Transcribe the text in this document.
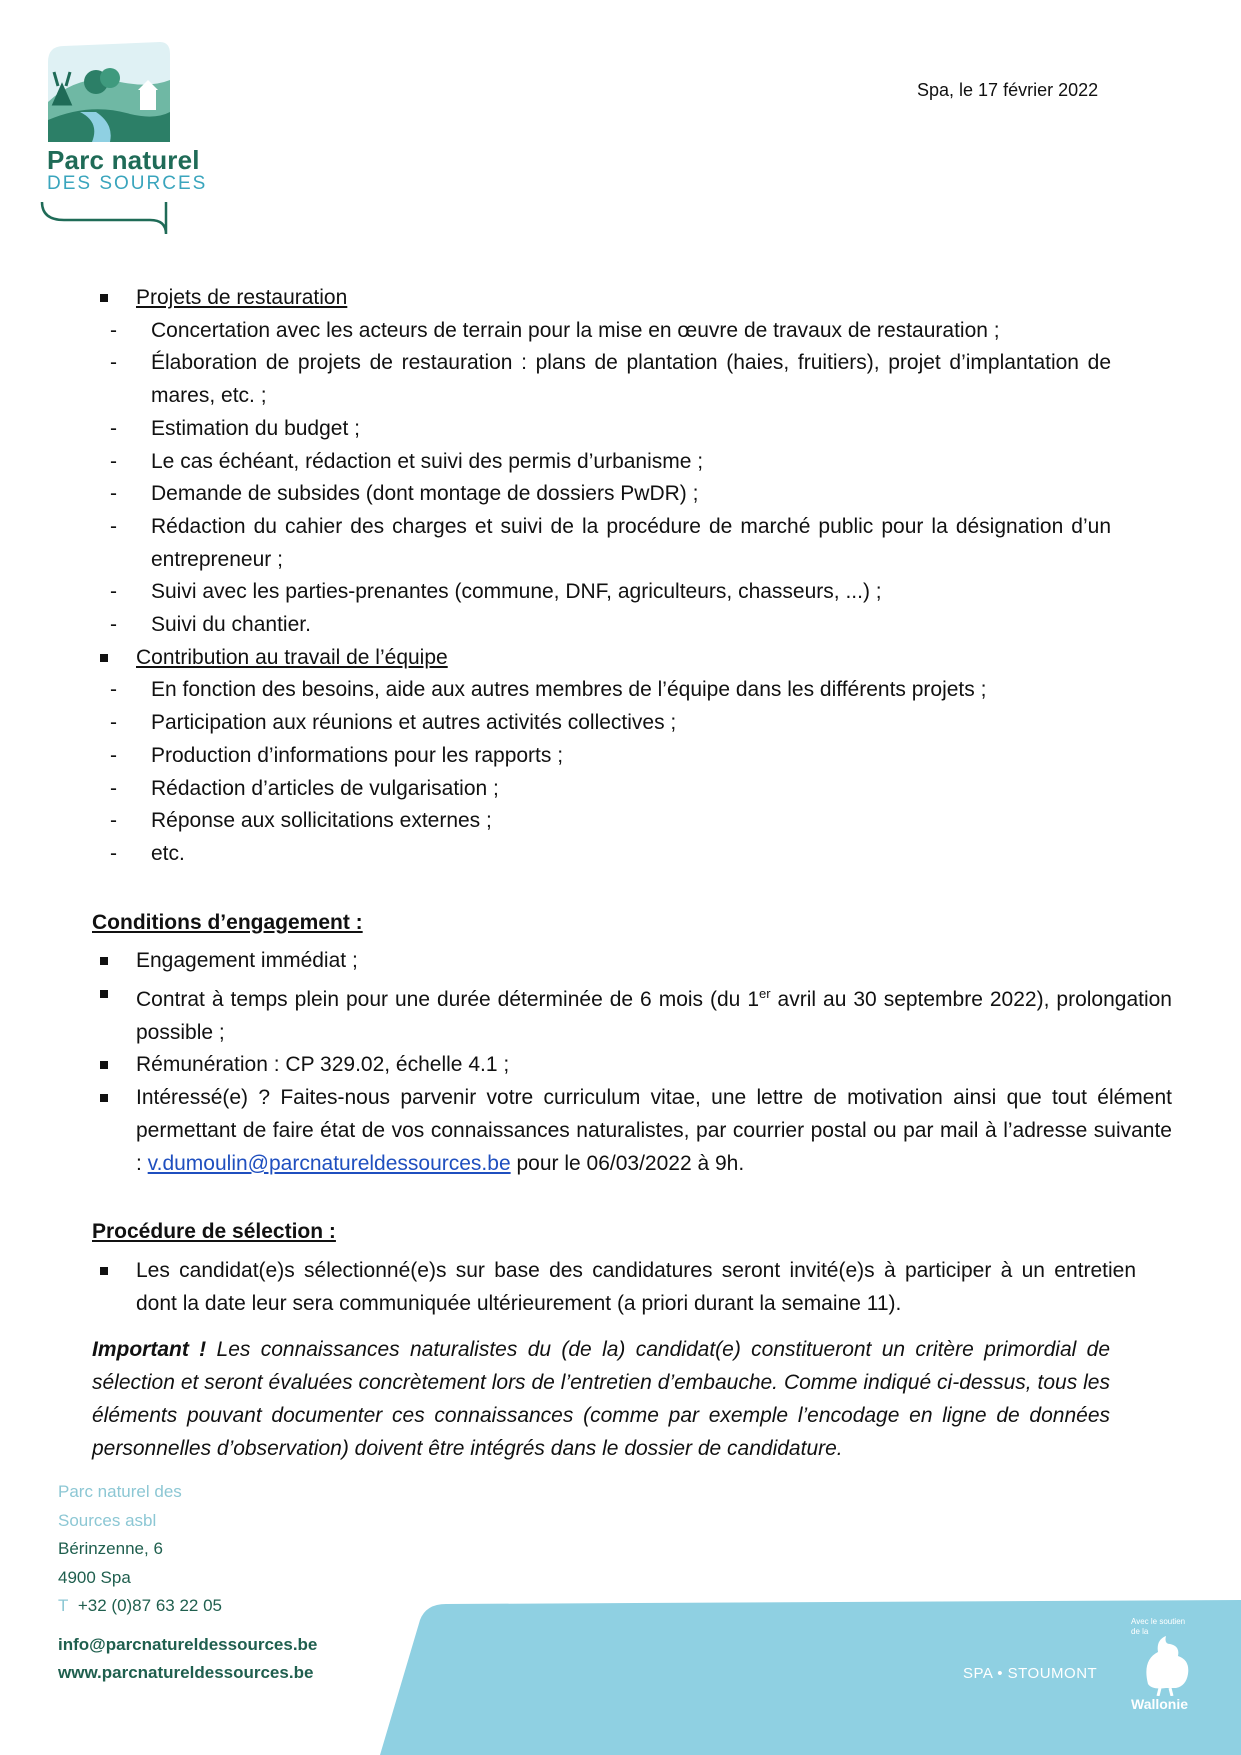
Parc naturel
DES SOURCES
Spa, le 17 février 2022
Projets de restauration
- Concertation avec les acteurs de terrain pour la mise en œuvre de travaux de restauration ;
- Élaboration de projets de restauration : plans de plantation (haies, fruitiers), projet d’implantation de mares, etc. ;
- Estimation du budget ;
- Le cas échéant, rédaction et suivi des permis d’urbanisme ;
- Demande de subsides (dont montage de dossiers PwDR) ;
- Rédaction du cahier des charges et suivi de la procédure de marché public pour la désignation d’un entrepreneur ;
- Suivi avec les parties-prenantes (commune, DNF, agriculteurs, chasseurs, ...) ;
- Suivi du chantier.
Contribution au travail de l’équipe
- En fonction des besoins, aide aux autres membres de l’équipe dans les différents projets ;
- Participation aux réunions et autres activités collectives ;
- Production d’informations pour les rapports ;
- Rédaction d’articles de vulgarisation ;
- Réponse aux sollicitations externes ;
- etc.
Conditions d’engagement :
Engagement immédiat ;
Contrat à temps plein pour une durée déterminée de 6 mois (du 1er avril au 30 septembre 2022), prolongation possible ;
Rémunération : CP 329.02, échelle 4.1 ;
Intéressé(e) ? Faites-nous parvenir votre curriculum vitae, une lettre de motivation ainsi que tout élément permettant de faire état de vos connaissances naturalistes, par courrier postal ou par mail à l’adresse suivante : v.dumoulin@parcnatureldessources.be pour le 06/03/2022 à 9h.
Procédure de sélection :
Les candidat(e)s sélectionné(e)s sur base des candidatures seront invité(e)s à participer à un entretien dont la date leur sera communiquée ultérieurement (a priori durant la semaine 11).
Important ! Les connaissances naturalistes du (de la) candidat(e) constitueront un critère primordial de sélection et seront évaluées concrètement lors de l’entretien d’embauche. Comme indiqué ci-dessus, tous les éléments pouvant documenter ces connaissances (comme par exemple l’encodage en ligne de données personnelles d’observation) doivent être intégrés dans le dossier de candidature.
Parc naturel des
Sources asbl
Bérinzenne, 6
4900 Spa
T +32 (0)87 63 22 05
info@parcnatureldessources.be
www.parcnatureldessources.be	SPA • STOUMONT
Avec le soutien de la
Wallonie
